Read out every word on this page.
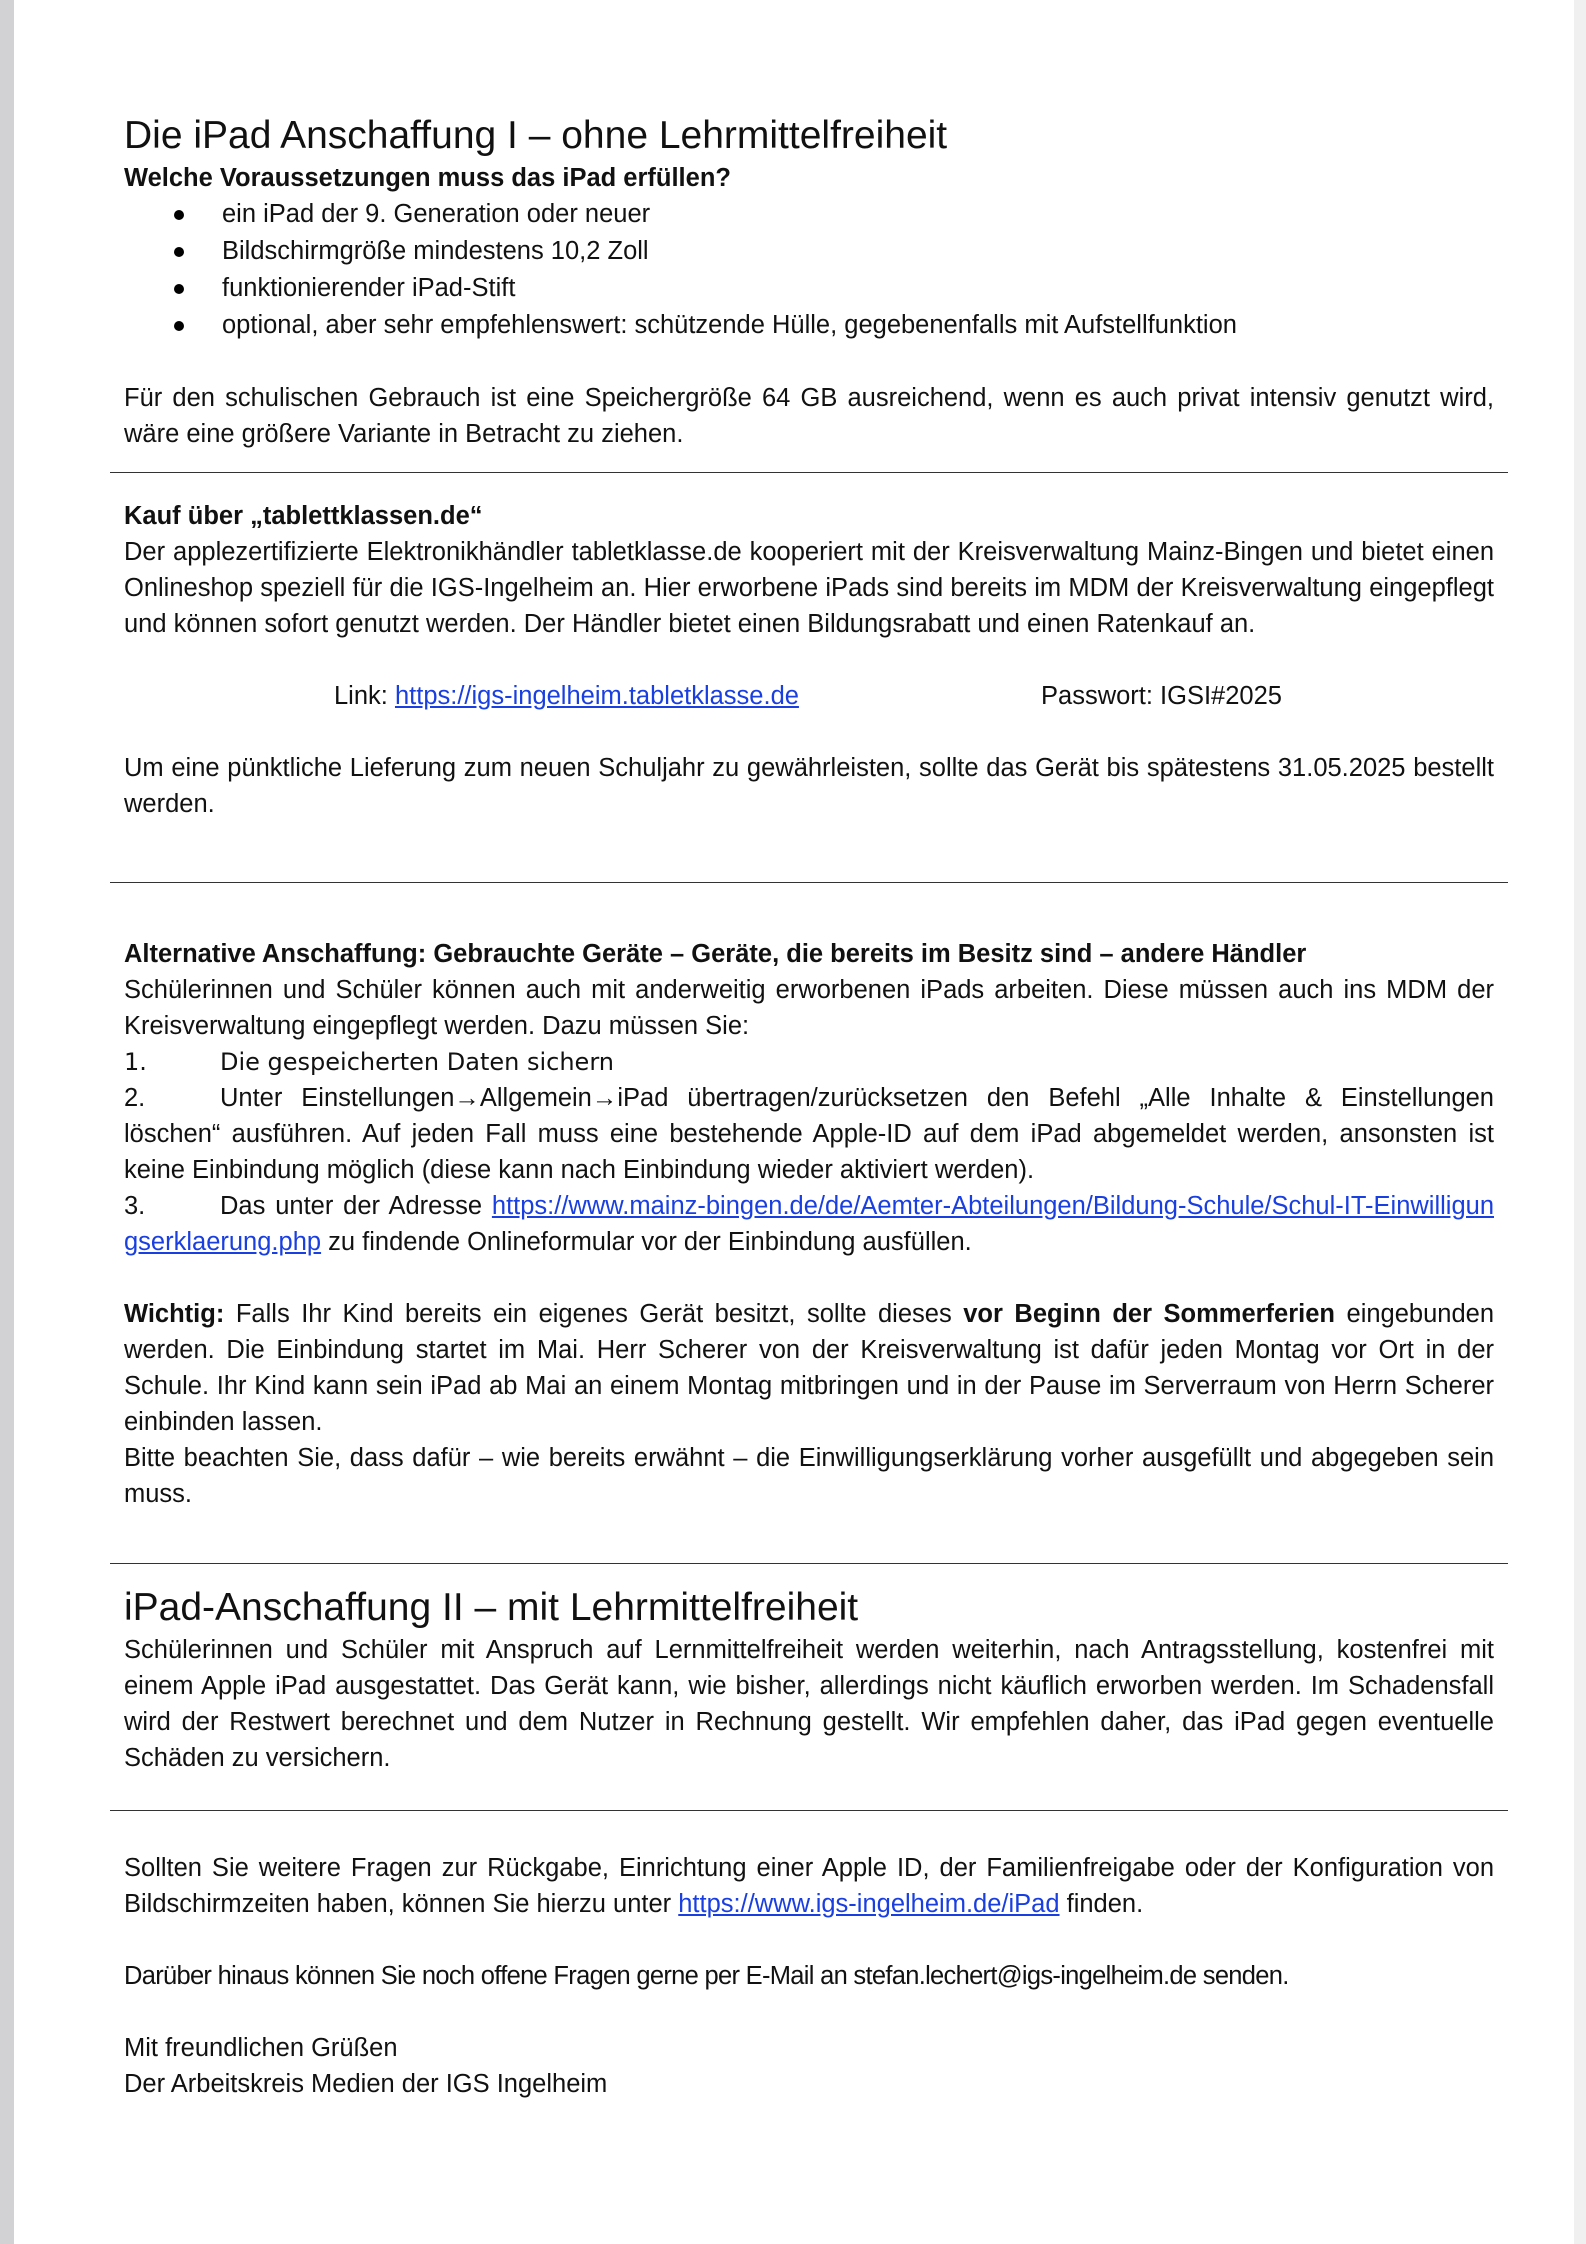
Die iPad Anschaffung I – ohne Lehrmittelfreiheit
Welche Voraussetzungen muss das iPad erfüllen?
ein iPad der 9. Generation oder neuer
Bildschirmgröße mindestens 10,2 Zoll
funktionierender iPad-Stift
optional, aber sehr empfehlenswert: schützende Hülle, gegebenenfalls mit Aufstellfunktion
Für den schulischen Gebrauch ist eine Speichergröße 64 GB ausreichend, wenn es auch privat intensiv genutzt wird, wäre eine größere Variante in Betracht zu ziehen.
Kauf über „tablettklassen.de“
Der applezertifizierte Elektronikhändler tabletklasse.de kooperiert mit der Kreisverwaltung Mainz-Bingen und bietet einen Onlineshop speziell für die IGS-Ingelheim an. Hier erworbene iPads sind bereits im MDM der Kreisverwaltung eingepflegt und können sofort genutzt werden. Der Händler bietet einen Bildungsrabatt und einen Ratenkauf an.
Link: https://igs-ingelheim.tabletklasse.de	Passwort: IGSI#2025
Um eine pünktliche Lieferung zum neuen Schuljahr zu gewährleisten, sollte das Gerät bis spätestens 31.05.2025 bestellt werden.
Alternative Anschaffung: Gebrauchte Geräte – Geräte, die bereits im Besitz sind – andere Händler
Schülerinnen und Schüler können auch mit anderweitig erworbenen iPads arbeiten. Diese müssen auch ins MDM der Kreisverwaltung eingepflegt werden. Dazu müssen Sie:
1.	Die gespeicherten Daten sichern
2.	Unter Einstellungen→Allgemein→iPad übertragen/zurücksetzen den Befehl „Alle Inhalte & Einstellungen löschen“ ausführen. Auf jeden Fall muss eine bestehende Apple-ID auf dem iPad abgemeldet werden, ansonsten ist keine Einbindung möglich (diese kann nach Einbindung wieder aktiviert werden).
3.	Das unter der Adresse https://www.mainz-bingen.de/de/Aemter-Abteilungen/Bildung-Schule/Schul-IT-Einwilligungserklaerung.php zu findende Onlineformular vor der Einbindung ausfüllen.
Wichtig: Falls Ihr Kind bereits ein eigenes Gerät besitzt, sollte dieses vor Beginn der Sommerferien eingebunden werden. Die Einbindung startet im Mai. Herr Scherer von der Kreisverwaltung ist dafür jeden Montag vor Ort in der Schule. Ihr Kind kann sein iPad ab Mai an einem Montag mitbringen und in der Pause im Serverraum von Herrn Scherer einbinden lassen.
Bitte beachten Sie, dass dafür – wie bereits erwähnt – die Einwilligungserklärung vorher ausgefüllt und abgegeben sein muss.
iPad-Anschaffung II – mit Lehrmittelfreiheit
Schülerinnen und Schüler mit Anspruch auf Lernmittelfreiheit werden weiterhin, nach Antragsstellung, kostenfrei mit einem Apple iPad ausgestattet. Das Gerät kann, wie bisher, allerdings nicht käuflich erworben werden. Im Schadensfall wird der Restwert berechnet und dem Nutzer in Rechnung gestellt. Wir empfehlen daher, das iPad gegen eventuelle Schäden zu versichern.
Sollten Sie weitere Fragen zur Rückgabe, Einrichtung einer Apple ID, der Familienfreigabe oder der Konfiguration von Bildschirmzeiten haben, können Sie hierzu unter https://www.igs-ingelheim.de/iPad finden.
Darüber hinaus können Sie noch offene Fragen gerne per E-Mail an stefan.lechert@igs-ingelheim.de senden.
Mit freundlichen Grüßen
Der Arbeitskreis Medien der IGS Ingelheim
